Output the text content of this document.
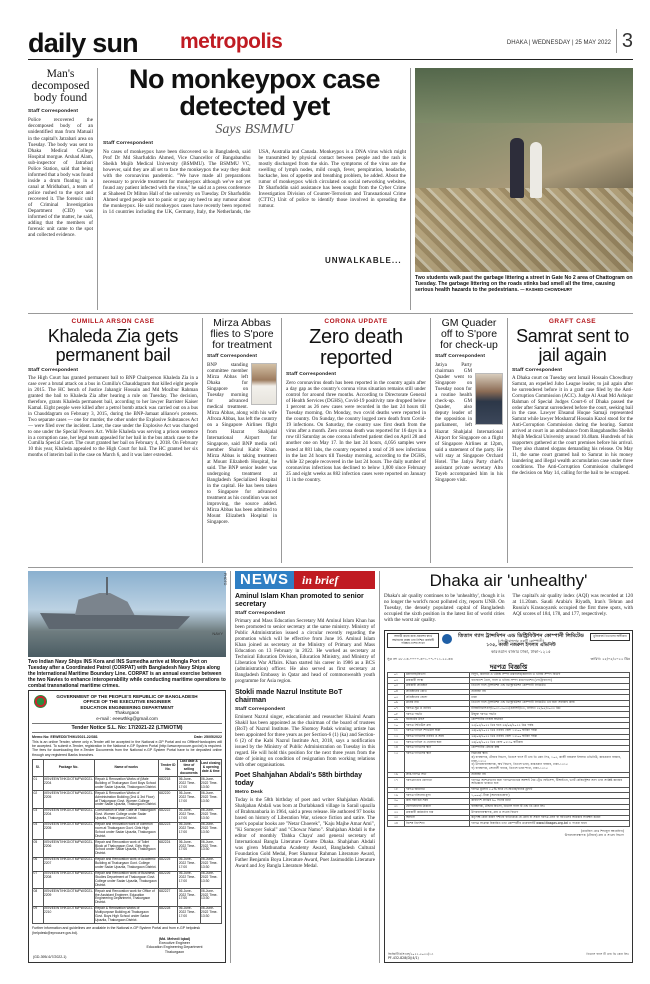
daily sun metropolis	DHAKA | WEDNESDAY | 25 MAY 2022 3
Man's decomposed body found
Staff Correspondent
Police recovered the decomposed body of an unidentified man from Matuail in the capital's Jatrabari area on Tuesday. The body was sent to Dhaka Medical College Hospital morgue. Arshad Alam, sub-inspector of Jatrabari Police Station, said that being informed that a body was found inside a drum floating in a canal at Mridhabari, a team of police rushed to the spot and recovered it. The forensic unit of Criminal Investigation Department (CID) was informed of the matter, he said, adding that the members of forensic unit came to the spot and collected evidence.
No monkeypox case detected yet
Says BSMMU
Staff Correspondent
No cases of monkeypox have been discovered so in Bangladesh, said Prof Dr Md Sharfuddin Ahmed, Vice Chancellor of Bangabandhu Sheikh Mujib Medical University (BSMMU). The BSMMU VC, however, said they are all set to face the monkeypox the way they dealt with the coronavirus pandemic. "We have made all preparations necessary to provide treatment for monkeypox although we've not yet found any patient infected with the virus," he said at a press conference at Shaheed Dr Milton Hall of the university on Tuesday. Dr Sharfuddin Ahmed urged people not to panic or pay any heed to any rumour about the monkeypox. He said monkeypox cases have recently been reported in 14 countries including the UK, Germany, Italy, the Netherlands, the USA, Australia and Canada. Monkeypox is a DNA virus which might be transmitted by physical contact between people and the rash is mostly discharged from the skin. The symptoms of the virus are the swelling of lymph nodes, mild cough, fever, perspiration, headache, backache, loss of appetite and breathing problem, he added. About the rumor of monkeypox which circulated on social networking websites, Dr Sharfuddin said assistance has been sought from the Cyber Crime Investigation Division of Counter-Terrorism and Transnational Crime (CTTC) Unit of police to identify those involved in spreading the rumour.
UNWALKABLE...
Two students walk past the garbage littering a street in Gate No 2 area of Chattogram on Tuesday. The garbage littering on the roads stinks bad smell all the time, causing serious health hazards to the pedestrians. — RASHED CHOWDHURY
CUMILLA ARSON CASE
Khaleda Zia gets permanent bail
Staff Correspondent
The High Court has granted permanent bail to BNP Chairperson Khaleda Zia in a case over a brutal attack on a bus in Cumilla's Chauddagram that killed eight people in 2015. The HC bench of Justice Jahangir Hossain and Md Mozibur Rahman granted the bail to Khaleda Zia after hearing a rule on Tuesday. The decision, therefore, grants Khaleda permanent bail, according to her lawyer Barrister Kaiser Kamal. Eight people were killed after a petrol bomb attack was carried out on a bus in Chauddagram on February 3, 2015, during the BNP-Jamaat alliance's protests. Two separate cases — one for murder, the other under the Explosive Substances Act — were filed over the incident. Later, the case under the Explosive Act was changed to one under the Special Powers Act. While Khaleda was serving a prison sentence in a corruption case, her legal team appealed for her bail in the bus attack case to the Cumilla Special Court. The court granted her bail on February 4, 2018. On February 10 this year, Khaleda appealed to the High Court for bail. The HC granted her six months of interim bail in the case on March 6, and it was later extended.
Mirza Abbas flies to S'pore for treatment
Staff Correspondent
BNP standing committee member Mirza Abbas left Dhaka for Singapore on Tuesday morning for advanced medical treatment. Mirza Abbas, along with his wife Afroza Abbas, has left the country on a Singapore Airlines flight from Hazrat Shahjalal International Airport for Singapore, said BNP media cell member Shairul Kabir Khan. Mirza Abbas is taking treatment at Mount Elizabeth Hospital, he said. The BNP senior leader was undergoing treatment at Bangladesh Specialized Hospital in the capital. He has been taken to Singapore for advanced treatment as his condition was not improving, the source added. Mirza Abbas has been admitted to Mount Elizabeth Hospital in Singapore.
CORONA UPDATE
Zero death reported
Staff Correspondent
Zero coronavirus death has been reported in the country again after a day gap as the country's corona virus situation remains still under control for around three months. According to Directorate General of Health Services (DGHS), Covid-19 positivity rate dropped below 1 percent as 26 new cases were recorded in the last 24 hours till Tuesday morning. On Monday, two covid deaths were reported in the country. On Sunday, the country logged zero death from Covid-19 infections. On Saturday, the country saw first death from the virus after a month. Zero corona death was reported for 16 days in a row till Saturday as one corona infected patient died on April 28 and another one on May 17. In the last 24 hours, 4,056 samples were tested at 881 labs, the country reported a total of 26 new infections in the last 24 hours till Tuesday morning, according to the DGHS, while 32 people recovered in the last 24 hours. The daily number of coronavirus infections has declined to below 1,000 since February 25 and eight weeks as 882 infection cases were reported on January 11 in the country.
GM Quader off to S'pore for check-up
Staff Correspondent
Jatiya Party chairman GM Quader went to Singapore on Tuesday noon for a routine health check-up. GM Quader, also deputy leader of the opposition in parliament, left Hazrat Shahjalal International Airport for Singapore on a flight of Singapore Airlines at 12pm, said a statement of the party. He will stay at Singapore Orchard Hotel. The Jatiya Party chief's assistant private secretary Alto Tayeb accompanied him in his Singapore visit.
GRAFT CASE
Samrat sent to jail again
Staff Correspondent
A Dhaka court on Tuesday sent Ismail Hossain Chowdhury Samrat, an expelled Jubo League leader, to jail again after he surrendered before it in a graft case filed by the Anti-Corruption Commission (ACC). Judge Al Asad Md Ashiqur Rahman of Special Judges Court-6 of Dhaka passed the order after Samrat surrendered before the court, seeking bail in the case. Lawyer Ehsanul Huque Samaji represented Samrat while lawyer Mosharraf Hossain Kazol stood for the Anti-Corruption Commission during the hearing. Samrat arrived at court in an ambulance from Bangabandhu Sheikh Mujib Medical University around 10.40am. Hundreds of his supporters gathered at the court premises before his arrival. They also chanted slogans demanding his release. On May 11, the same court granted bail to Samrat in his money laundering and illegal wealth accumulation case under three conditions. The Anti-Corruption Commission challenged the decision on May 14, calling for the bail to be scrapped.
NAVY
PHOTO
Two Indian Navy Ships INS Kora and INS Sumedha arrive at Mongla Port on Tuesday after a Coordinated Patrol (CORPAT) with Bangladesh Navy Ships along the International Maritime Boundary Line. CORPAT is an annual exercise between the two Navies to enhance interoperability while conducting maritime operations to combat transnational maritime crimes.
GOVERNMENT OF THE PEOPLE'S REPUBLIC OF BANGLADESH
OFFICE OF THE EXECUTIVE ENGINEER
EDUCATION ENGINEERING DEPARTMENT
Thakurgaon
e-mail : eeewthkg@gmail.com
Tender Notice S.L. No: 17/2021-22 (LTM/OTM)
Memo No: EEWEDD/TH/KI/2021-22/381	Date: 25/05/2022
This is an online Tender, where only e-Tender will be accepted in the National e-GP Portal and no Offline/Hardcopies will be accepted. To submit e-Tender, registration in the National e-GP System Portal (http://www.eprocure.gov.bd) is required. The fees for downloading the e-Tender Documents from the National e-GP System Portal have to be deposited online through any registered Banks branches.
Sl.	Package No.	Name of works	Tender ID No.	Last date & time of selling documents	Last closing & opening date & time
01	XEN/EEWT/HKG/OTM/PW/2021-2204	Repair & Renovation Works of (Male Building of Thakurgaon Govt Boys School under Sadar Upazila, Thakurgaon District.	682218	06-June-2022 Time-17:00	06-June-2022 Time-13:30
02	XEN/EEWT/HKG/OTM/PW/2021-2205	Repair & Renovation Works of Administration Building (2nd & 3rd Floor) at Thakurgaon Govt. Women College under Sadar Upazila, Thakurgaon District.	682220	06-June-2022 Time-17:00	06-June-2022 Time-13:30
03	XEN/EEWT/HKG/OTM/PW/2021-2204	Construction of Main Gate at Thakurgaon Govt. Women College under Sadar Upazila, Thakurgaon District.	682222	06-June-2022 Time-17:00	06-June-2022 Time-13:30
04	XEN/EEWT/HKG/OTM/PW/2021-2205	Repair and renovation work of common room at Thakurgaon Govt. Girls High School under Sadar Upazila, Thakurgaon District.	682223	06-June-2022 Time-17:00	06-June-2022 Time-13:30
05	XEN/EEWT/HKG/OTM/PW/2021-2206	Repair and Renovation work of Toilet Block at Thakurgaon Govt. Girls High School under Sadar Upazila, Thakurgaon District.	682224	06-June-2022 Time-17:00	06-June-2022 Time-13:30
06	XEN/EEWT/HKG/OTM/PW/2021-2207	Repair and Renovation work of Academic Building at Thakurgaon Govt. College under Sadar Upazila, Thakurgaon District.	682225	06-June-2022 Time-17:00	06-June-2022 Time-13:30
07	XEN/EEWT/HKG/OTM/PW/2021-2208	Repair and Renovation work of Business Studies Department at Thakurgaon Govt. College under Sadar Upazila, Thakurgaon District.	682226	06-June-2022 Time-17:00	06-June-2022 Time-13:30
08	XEN/EEWT/HKG/OTM/PW/2021-2209	Repair and Renovation work for Office of the Assistant Engineer, Education Engineering Department, Thakurgaon District.	682227	06-June-2022 Time-17:00	06-June-2022 Time-13:30
09	XEN/EEWT/HKG/OTM/PW/2021-2210	Repair & Renovation Works of Multipurpose Building at Thakurgaon Govt. Boys High School under Sadar Upazila, Thakurgaon District.	682228	06-June-2022 Time-17:00	06-June-2022 Time-13:30
Further information and guidelines are available in the National e-GP System Portal and from e-GP helpdesk (helpdesk@eprocure.gov.bd).
(Md. Mehedi Iqbal)
Executive Engineer
Education Engineering Department
Thakurgaon
(GD-395/-6/7/2022-1)
NEWS	in brief
Aminul Islam Khan promoted to senior secretary
Staff Correspondent
Primary and Mass Education Secretary Md Aminul Islam Khan has been promoted to senior secretary at the same ministry. Ministry of Public Administration issued a circular recently regarding the promotion which will be effective from June 16. Aminul Islam Khan joined as secretary at the Ministry of Primary and Mass Education on 13 February in 2022. He worked as secretary at Technical Education Division, Education Ministry, and Ministry of Liberation War Affairs. Khan started his career in 1986 as a BCS (administration) officer. He also served as first secretary at Bangladesh Embassy in Qatar and head of commonwealth youth programme for Asia region.
Stokli made Nazrul Institute BoT chairman
Staff Correspondent
Eminent Nazrul singer, educationist and researcher Khairul Anam Shakil has been appointed as the chairman of the board of trustees (BoT) of Nazrul Institute. The Shomoy Padak winning artiste has been appointed for three years as per Section-6 (1) (ka) and Section-6 (2) of the Kabi Nazrul Institute Act, 2018, says a notification issued by the Ministry of Public Administration on Tuesday in this regard. He will hold this position for the next three years from the date of joining on condition of resignation from working relations with other organisations.
Poet Shahjahan Abdali's 58th birthday today
Metro Desk
Today is the 58th birthday of poet and writer Shahjahan Abdali. Shahjahan Abdali was born at Durlabkandi village in Sarail upazila of Brahmanbaria in 1964, said a press release. He authored 97 books based on history of Liberation War, science fiction and satire. The poet's popular books are "Netar Choerek", "Kaju Majhe Amar Ami", "Ki Somoyer Sokal" and "Chowar Namo". Shahjahan Abdali is the editor of monthly 'Dahka Chaya' and general secretary of International Bangla Literature Centre Dhaka. Shahjahan Abdali was given Mathunatha Academy Award, Bangladesh Cultural Foundation Gold Medal, Poet Shamsur Rahman Literature Award, Father Benjamin Boya Literature Award, Poet Jasimuddin Literature Award and Joy Bangla Literature Medal.
Dhaka air 'unhealthy'
Dhaka's air quality continues to be 'unhealthy', though it is no longer the world's most polluted city, reports UNB. On Tuesday, the densely populated capital of Bangladesh occupied the sixth position in the latest list of world cities with the worst air quality.
The capital's air quality index (AQI) was recorded at 120 at 11.20am. Saudi Arabia's Riyadh, Iran's Tehran and Russia's Krasnoyarsk occupied the first three spots, with AQI scores of 184, 178, and 177, respectively.
আগামী কাজে কাজ প্রকাশের স্বার্থে অর্থায়নের প্রকল্প এবং নিশ্চিত কার্যবাহী পরিষ্কার দেশের সংখ্যা
তিতাস গ্যাস ট্রান্সমিশন এন্ড ডিস্ট্রিবিউশন কোম্পানী লিমিটেড
(পেট্রোবাংলার একটি কোম্পানী)
১০৫, কাজী নজরুল ইসলাম এভিনিউ
কারওয়ান বাজার ঢাকা, ঢাকা-১২১৫
মুজিববর্ষ তিতাসের অঙ্গীকার
সূত্র নং ২৮.১৩.০০০০.৩০১.০৭.০১১.২২.৩৩	তারিখ: ২৫/০৫/২০২২ খ্রিঃ
দরপত্র বিজ্ঞপ্তি
০১	মন্ত্রণালয়/বিভাগ	বিদ্যুৎ, জ্বালানি ও খনিজ সম্পদ মন্ত্রণালয়/জ্বালানি ও খনিজ সম্পদ বিভাগ
০২	ক্রয়কারী সংস্থা	বাংলাদেশ তৈল, গ্যাস ও খনিজ সম্পদ করপোরেশন (পেট্রোবাংলা)
০৩	ক্রয়কারী প্রতিষ্ঠান	তিতাস গ্যাস ট্রান্সমিশন এন্ড ডিস্ট্রিবিউশন কোম্পানী লিমিটেড
০৪	প্রতিষ্ঠানের কোড	প্রযোজ্য নয়
০৫	প্রতিষ্ঠানের জেলা	ঢাকা
০৬	ক্রয়ের নাম	তিতাস গ্যাস ট্রান্সমিশন এন্ড ডিস্ট্রিবিউশন কোম্পানী লিমিটেড এর জন্য সরবরাহ কাজ
০৭	দরপত্র সূত্র ও তারিখ	টিজিটিডিসিএল/২০২১-২০২২/এনসিটি/৩৩, তারিখ: ২৫/০৫/২০২২ খ্রিঃ
০৮	দরপত্র পদ্ধতি	উন্মুক্ত দরপত্র পদ্ধতি
০৯	বাজেটের উৎস	কোম্পানীর নিজস্ব অর্থায়ন
১০	দরপত্র সিডিউল ক্রয়	২৫/০৫/২০২২ খ্রিঃ হতে ২৬/০৬/২০২২ খ্রিঃ পর্যন্ত
১১	দরপত্র দাখিল শিডিউল জমা	২৬/০৬/২০২২ খ্রিঃ তারিখ বেলা ১২:০০ ঘটিকা পর্যন্ত
১২	দরপত্র দাখিলের তারিখ ও সময়	২৬/০৬/২০২২ খ্রিঃ তারিখ বেলা ১২:০০ ঘটিকা পর্যন্ত
১৩	দরপত্র দাখিল ও খোলার স্থান	২৬/০৬/২০২২ খ্রিঃ বেলা ০২:৩০ ঘটিকায়
১৪	দরপত্র দাখিলের স্থান	কোম্পানীর টেন্ডার কক্ষ
১৫	দরপত্র দাখিলের স্থান	বিক্রয়ের স্থান:
ক) ব্যবস্থাপক, টেন্ডার বিভাগ, তিতাস গ্যাস টি এন্ড ডি কোং লিঃ, ১০৫, কাজী নজরুল ইসলাম এভিনিউ, কারওয়ান বাজার, ঢাকা-১২১৫
খ) উপমহাব্যবস্থাপক, অর্থ বিভাগ, তিতাস ভবন, কারওয়ান বাজার, ঢাকা-১২১৫
গ) ব্যবস্থাপক, সোনালী ব্যাংক, তিতাস ভবন শাখা, ঢাকা-১২১৫
১৬	প্রাক-দরপত্র সভা	প্রযোজ্য নয়
১৭	দরপত্রদাতার যোগ্যতা	দরপত্রে অংশগ্রহণের জন্য দরপত্রদাতাকে অবশ্যই বৈধ ট্রেড লাইসেন্স, টিআইএন, ভ্যাট রেজিস্ট্রেশন সনদ এবং সংশ্লিষ্ট কাজের অভিজ্ঞতা থাকতে হবে
১৮	দরপত্র জামানত	দরপত্র মূল্যের ২.৫% হারে পে-অর্ডার/ব্যাংক ড্রাফট
১৯	দরপত্র দলিলের মূল্য	১,০০০/- টাকা (অফেরতযোগ্য)
২০	কার্য সমাপ্তির সময়	কার্যাদেশ প্রাপ্তির ৬০ দিনের মধ্যে
২১	যোগাযোগের ঠিকানা	ব্যবস্থাপক, টেন্ডার বিভাগ, তিতাস গ্যাস টি এন্ড ডি কোং লিঃ
২২	ক্রয়কারী কর্মকর্তার নাম	উপমহাব্যবস্থাপক, ক্রয় ও সংগ্রহ বিভাগ
২৩	অন্যান্য	কর্তৃপক্ষ কোন কারণ দর্শানো ব্যতিরেকে যে কোন বা সকল দরপত্র গ্রহণ বা বাতিলের অধিকার সংরক্ষণ করেন
২৪	বিশেষ নির্দেশনা	দরপত্র সংক্রান্ত বিস্তারিত তথ্য কোম্পানীর ওয়েবসাইট www.titasgas.org.bd এ পাওয়া যাবে
(তামজিদ মোঃ শিহাবুল আরেফিন)
উপমহাব্যবস্থাপক (টেন্ডার) ক্রয় ও সংগ্রহ বিভাগ
জিজিটিডিসিএল/২০২১-২০২২/১৩
PF-432-828(D)(4/1)
তিতাস গ্যাস টি এন্ড ডি কোং লিঃ
